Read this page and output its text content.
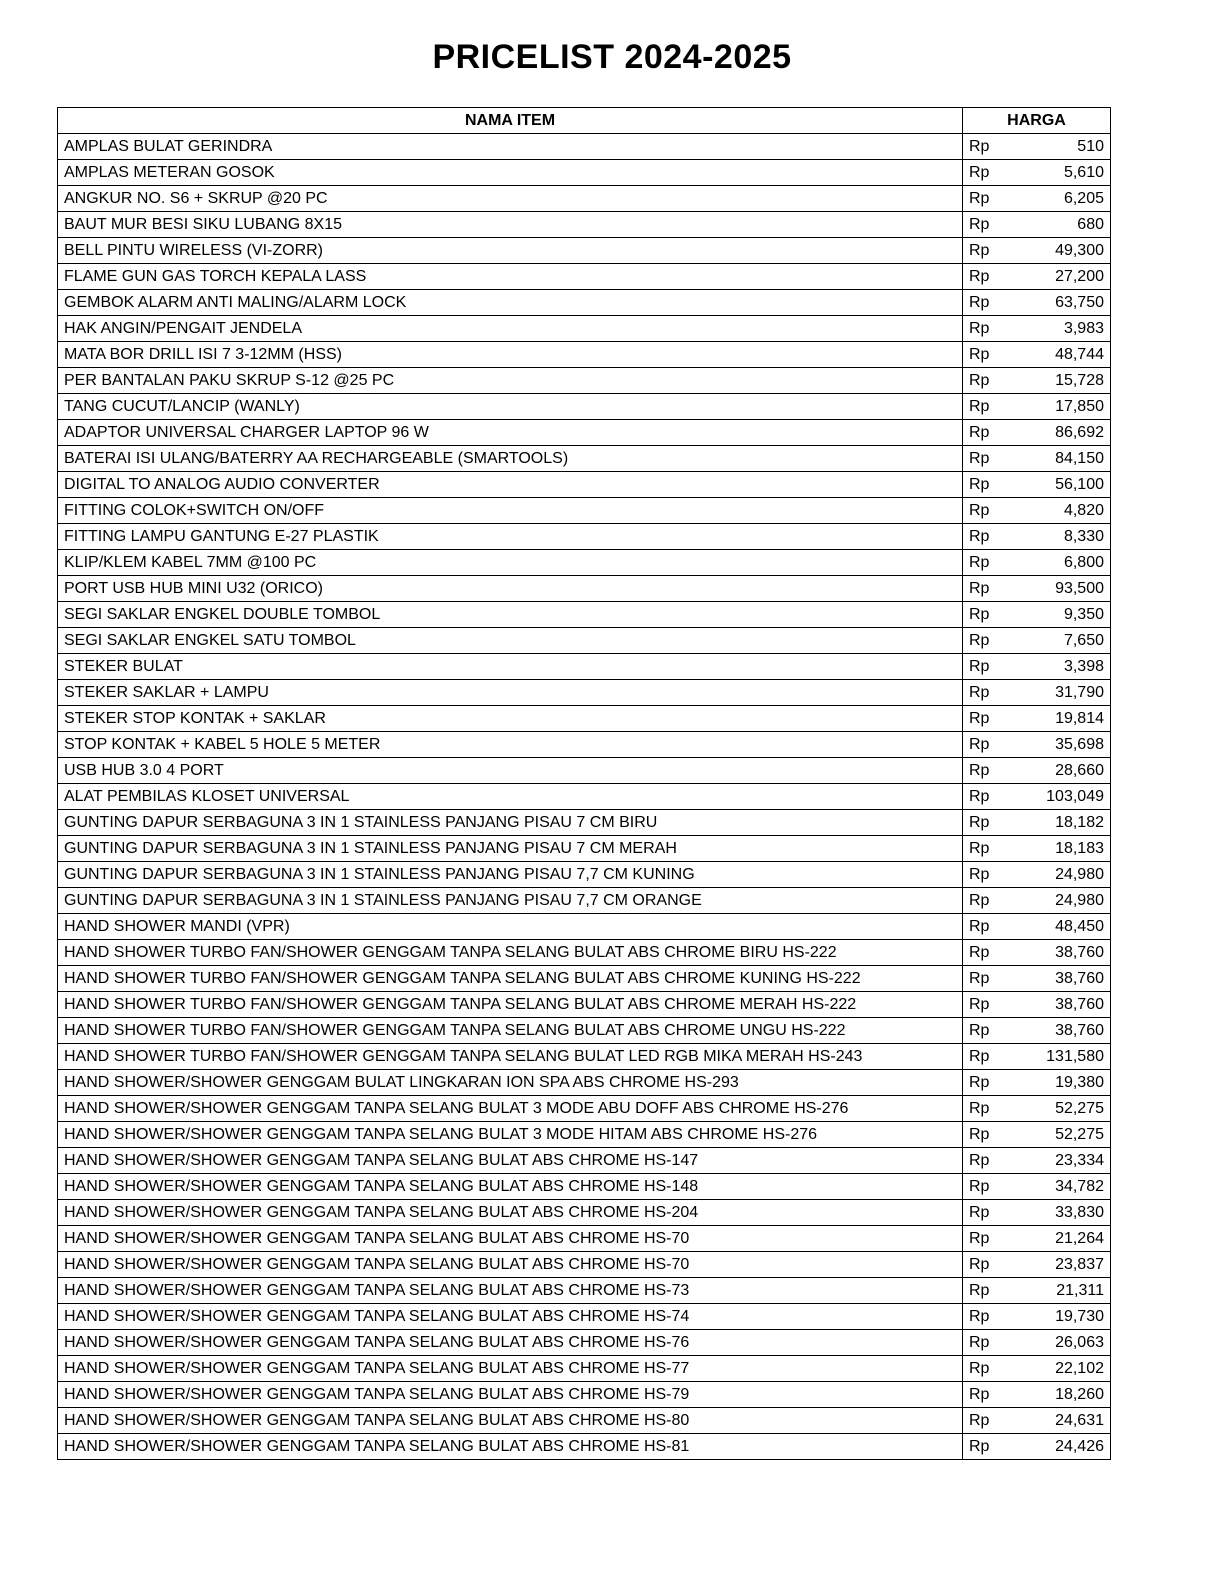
PRICELIST 2024-2025
NAMA ITEM	HARGA
AMPLAS BULAT GERINDRA	Rp 510

AMPLAS METERAN GOSOK	Rp 5,610

ANGKUR NO. S6 + SKRUP @20 PC	Rp 6,205

BAUT MUR BESI SIKU LUBANG 8X15	Rp 680

BELL PINTU WIRELESS (VI-ZORR)	Rp 49,300

FLAME GUN GAS TORCH KEPALA LASS	Rp 27,200

GEMBOK ALARM ANTI MALING/ALARM LOCK	Rp 63,750

HAK ANGIN/PENGAIT JENDELA	Rp 3,983

MATA BOR DRILL ISI 7 3-12MM (HSS)	Rp 48,744

PER BANTALAN PAKU SKRUP S-12 @25 PC	Rp 15,728

TANG CUCUT/LANCIP (WANLY)	Rp 17,850

ADAPTOR UNIVERSAL CHARGER LAPTOP 96 W	Rp 86,692

BATERAI ISI ULANG/BATERRY AA RECHARGEABLE (SMARTOOLS)	Rp 84,150

DIGITAL TO ANALOG AUDIO CONVERTER	Rp 56,100

FITTING COLOK+SWITCH ON/OFF	Rp 4,820

FITTING LAMPU GANTUNG E-27 PLASTIK	Rp 8,330

KLIP/KLEM KABEL 7MM @100 PC	Rp 6,800

PORT USB HUB MINI U32 (ORICO)	Rp 93,500

SEGI SAKLAR ENGKEL DOUBLE TOMBOL	Rp 9,350

SEGI SAKLAR ENGKEL SATU TOMBOL	Rp 7,650

STEKER BULAT	Rp 3,398

STEKER SAKLAR + LAMPU	Rp 31,790

STEKER STOP KONTAK + SAKLAR	Rp 19,814

STOP KONTAK + KABEL 5 HOLE 5 METER	Rp 35,698

USB HUB 3.0 4 PORT	Rp 28,660

ALAT PEMBILAS KLOSET UNIVERSAL	Rp 103,049

GUNTING DAPUR SERBAGUNA 3 IN 1 STAINLESS PANJANG PISAU 7 CM BIRU	Rp 18,182

GUNTING DAPUR SERBAGUNA 3 IN 1 STAINLESS PANJANG PISAU 7 CM MERAH	Rp 18,183

GUNTING DAPUR SERBAGUNA 3 IN 1 STAINLESS PANJANG PISAU 7,7 CM KUNING	Rp 24,980

GUNTING DAPUR SERBAGUNA 3 IN 1 STAINLESS PANJANG PISAU 7,7 CM ORANGE	Rp 24,980

HAND SHOWER MANDI (VPR)	Rp 48,450

HAND SHOWER TURBO FAN/SHOWER GENGGAM TANPA SELANG BULAT ABS CHROME BIRU HS-222	Rp 38,760

HAND SHOWER TURBO FAN/SHOWER GENGGAM TANPA SELANG BULAT ABS CHROME KUNING HS-222	Rp 38,760

HAND SHOWER TURBO FAN/SHOWER GENGGAM TANPA SELANG BULAT ABS CHROME MERAH HS-222	Rp 38,760

HAND SHOWER TURBO FAN/SHOWER GENGGAM TANPA SELANG BULAT ABS CHROME UNGU HS-222	Rp 38,760

HAND SHOWER TURBO FAN/SHOWER GENGGAM TANPA SELANG BULAT LED RGB MIKA MERAH HS-243	Rp 131,580

HAND SHOWER/SHOWER GENGGAM BULAT LINGKARAN ION SPA ABS CHROME HS-293	Rp 19,380

HAND SHOWER/SHOWER GENGGAM TANPA SELANG BULAT 3 MODE ABU DOFF ABS CHROME HS-276	Rp 52,275

HAND SHOWER/SHOWER GENGGAM TANPA SELANG BULAT 3 MODE HITAM ABS CHROME HS-276	Rp 52,275

HAND SHOWER/SHOWER GENGGAM TANPA SELANG BULAT ABS CHROME HS-147	Rp 23,334

HAND SHOWER/SHOWER GENGGAM TANPA SELANG BULAT ABS CHROME HS-148	Rp 34,782

HAND SHOWER/SHOWER GENGGAM TANPA SELANG BULAT ABS CHROME HS-204	Rp 33,830

HAND SHOWER/SHOWER GENGGAM TANPA SELANG BULAT ABS CHROME HS-70	Rp 21,264

HAND SHOWER/SHOWER GENGGAM TANPA SELANG BULAT ABS CHROME HS-70	Rp 23,837

HAND SHOWER/SHOWER GENGGAM TANPA SELANG BULAT ABS CHROME HS-73	Rp 21,311

HAND SHOWER/SHOWER GENGGAM TANPA SELANG BULAT ABS CHROME HS-74	Rp 19,730

HAND SHOWER/SHOWER GENGGAM TANPA SELANG BULAT ABS CHROME HS-76	Rp 26,063

HAND SHOWER/SHOWER GENGGAM TANPA SELANG BULAT ABS CHROME HS-77	Rp 22,102

HAND SHOWER/SHOWER GENGGAM TANPA SELANG BULAT ABS CHROME HS-79	Rp 18,260

HAND SHOWER/SHOWER GENGGAM TANPA SELANG BULAT ABS CHROME HS-80	Rp 24,631

HAND SHOWER/SHOWER GENGGAM TANPA SELANG BULAT ABS CHROME HS-81	Rp 24,426
